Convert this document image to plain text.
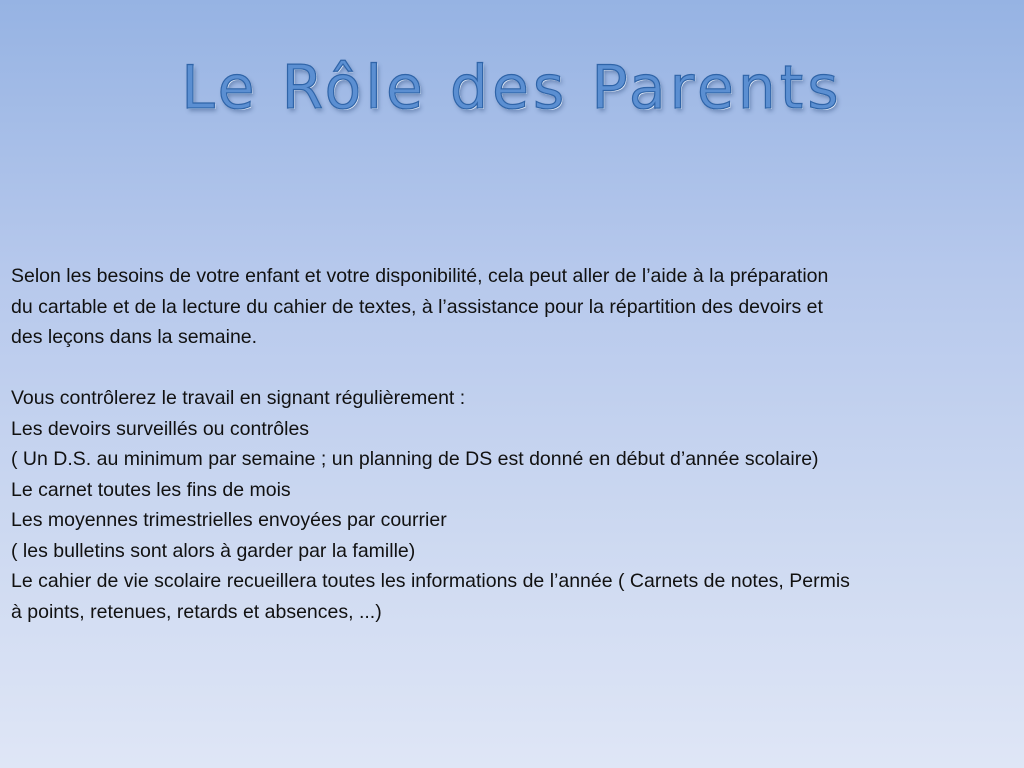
Le Rôle des Parents

Selon les besoins de votre enfant et votre disponibilité, cela peut aller de l’aide à la préparation
du cartable et de la lecture du cahier de textes, à l’assistance pour la répartition des devoirs et
des leçons dans la semaine.

Vous contrôlerez le travail en signant régulièrement :
Les devoirs surveillés ou contrôles
( Un D.S. au minimum par semaine ; un planning de DS est donné en début d’année scolaire)
Le carnet toutes les fins de mois
Les moyennes trimestrielles envoyées par courrier
( les bulletins sont alors à garder par la famille)
Le cahier de vie scolaire recueillera toutes les informations de l’année ( Carnets de notes, Permis
à points, retenues, retards et absences, ...)
